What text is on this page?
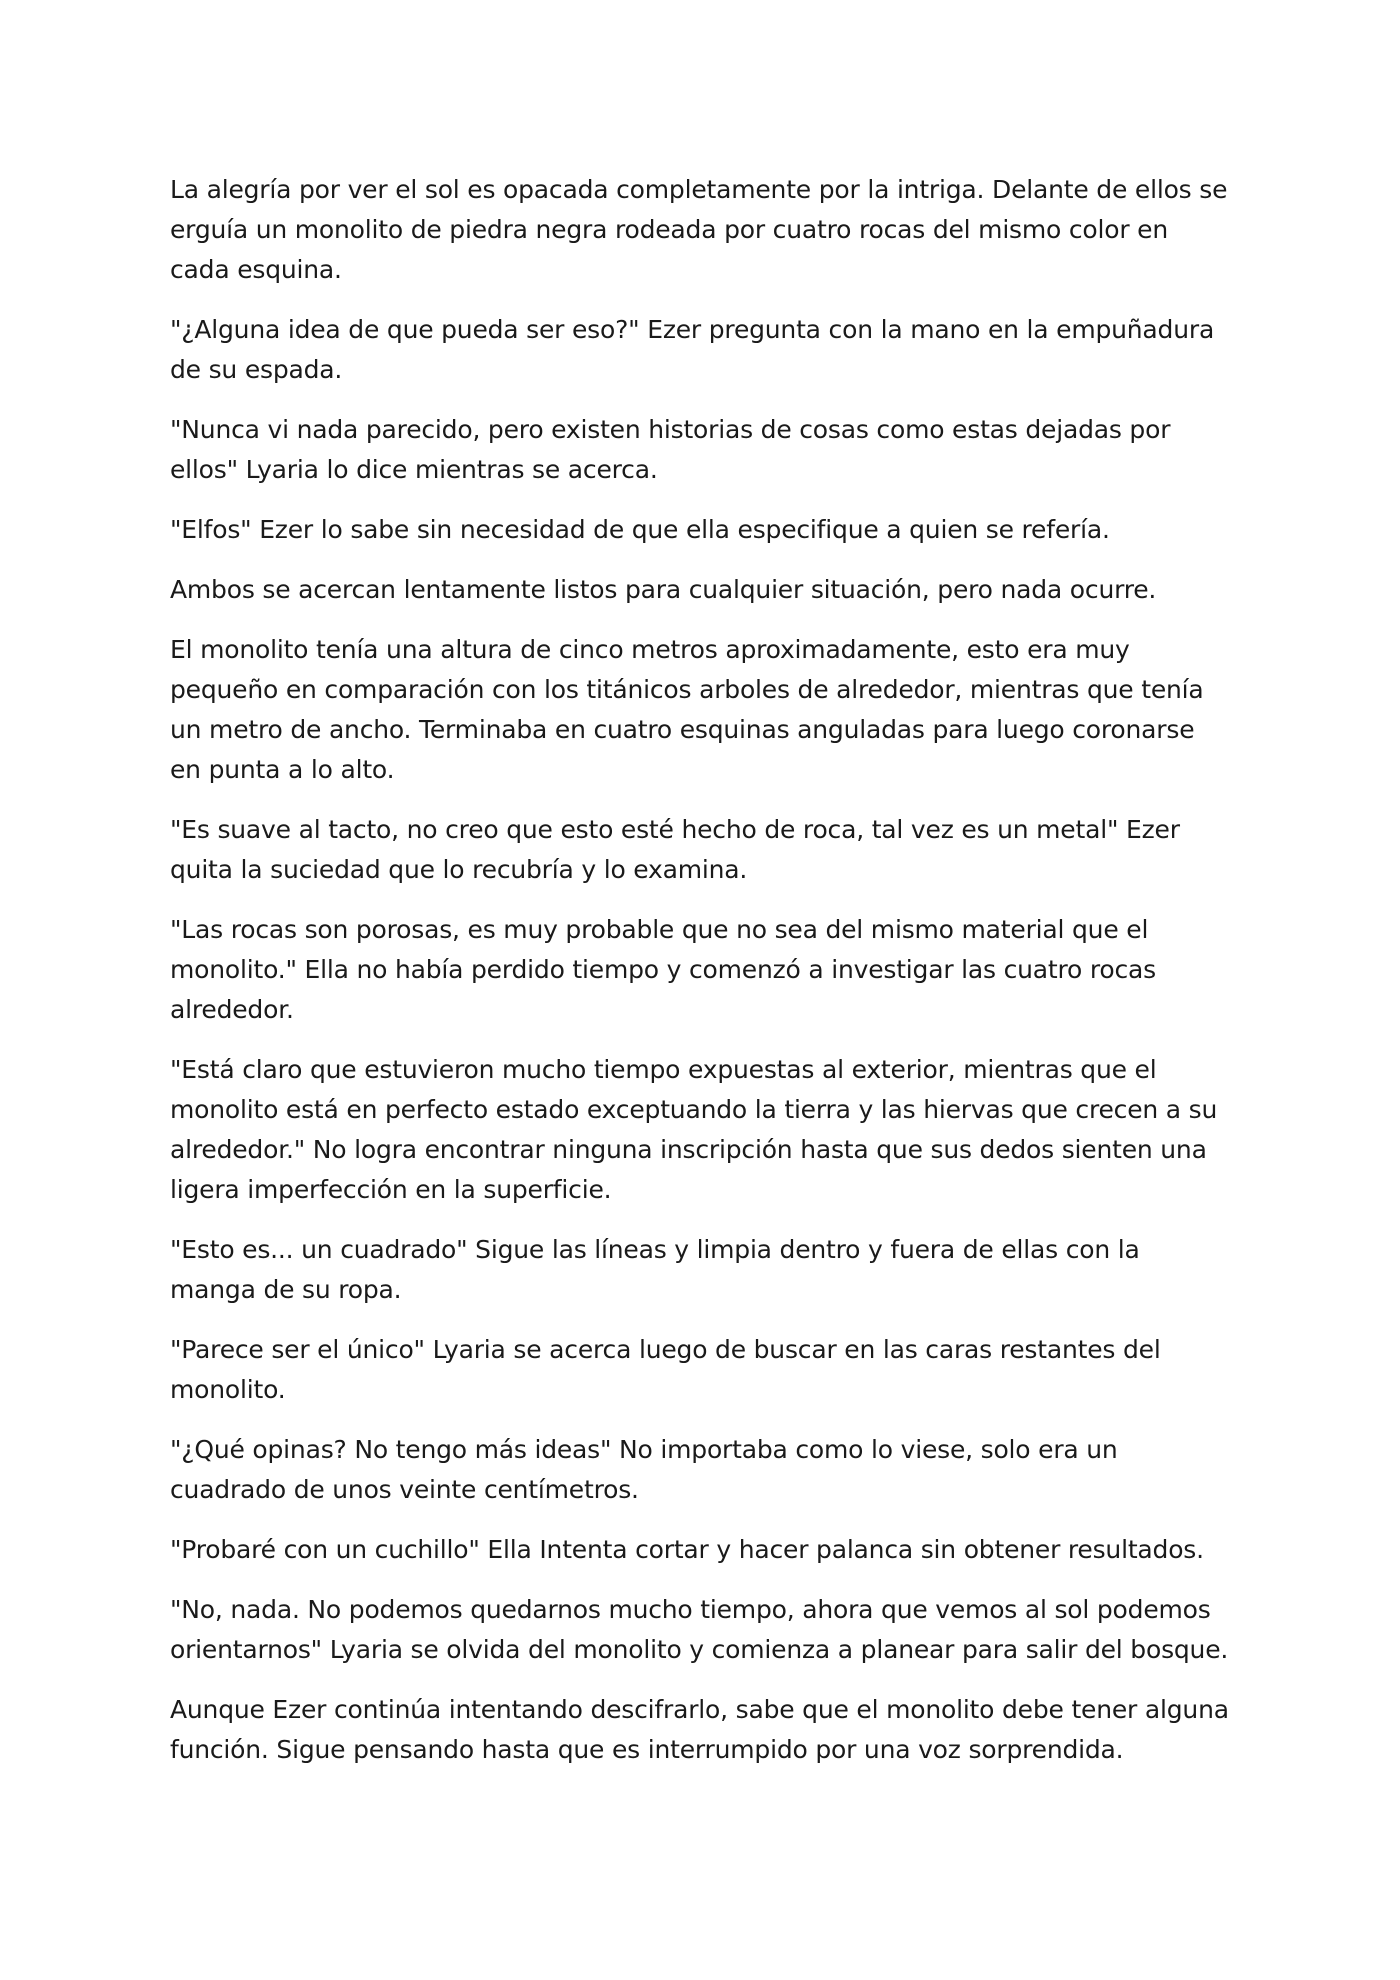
La alegría por ver el sol es opacada completamente por la intriga. Delante de ellos se erguía un monolito de piedra negra rodeada por cuatro rocas del mismo color en cada esquina.

"¿Alguna idea de que pueda ser eso?" Ezer pregunta con la mano en la empuñadura de su espada.

"Nunca vi nada parecido, pero existen historias de cosas como estas dejadas por ellos" Lyaria lo dice mientras se acerca.

"Elfos" Ezer lo sabe sin necesidad de que ella especifique a quien se refería.

Ambos se acercan lentamente listos para cualquier situación, pero nada ocurre.

El monolito tenía una altura de cinco metros aproximadamente, esto era muy pequeño en comparación con los titánicos arboles de alrededor, mientras que tenía un metro de ancho. Terminaba en cuatro esquinas anguladas para luego coronarse en punta a lo alto.

"Es suave al tacto, no creo que esto esté hecho de roca, tal vez es un metal" Ezer quita la suciedad que lo recubría y lo examina.

"Las rocas son porosas, es muy probable que no sea del mismo material que el monolito." Ella no había perdido tiempo y comenzó a investigar las cuatro rocas alrededor.

"Está claro que estuvieron mucho tiempo expuestas al exterior, mientras que el monolito está en perfecto estado exceptuando la tierra y las hiervas que crecen a su alrededor." No logra encontrar ninguna inscripción hasta que sus dedos sienten una ligera imperfección en la superficie.

"Esto es... un cuadrado" Sigue las líneas y limpia dentro y fuera de ellas con la manga de su ropa.

"Parece ser el único" Lyaria se acerca luego de buscar en las caras restantes del monolito.

"¿Qué opinas? No tengo más ideas" No importaba como lo viese, solo era un cuadrado de unos veinte centímetros.

"Probaré con un cuchillo" Ella Intenta cortar y hacer palanca sin obtener resultados.

"No, nada. No podemos quedarnos mucho tiempo, ahora que vemos al sol podemos orientarnos" Lyaria se olvida del monolito y comienza a planear para salir del bosque.

Aunque Ezer continúa intentando descifrarlo, sabe que el monolito debe tener alguna función. Sigue pensando hasta que es interrumpido por una voz sorprendida.
